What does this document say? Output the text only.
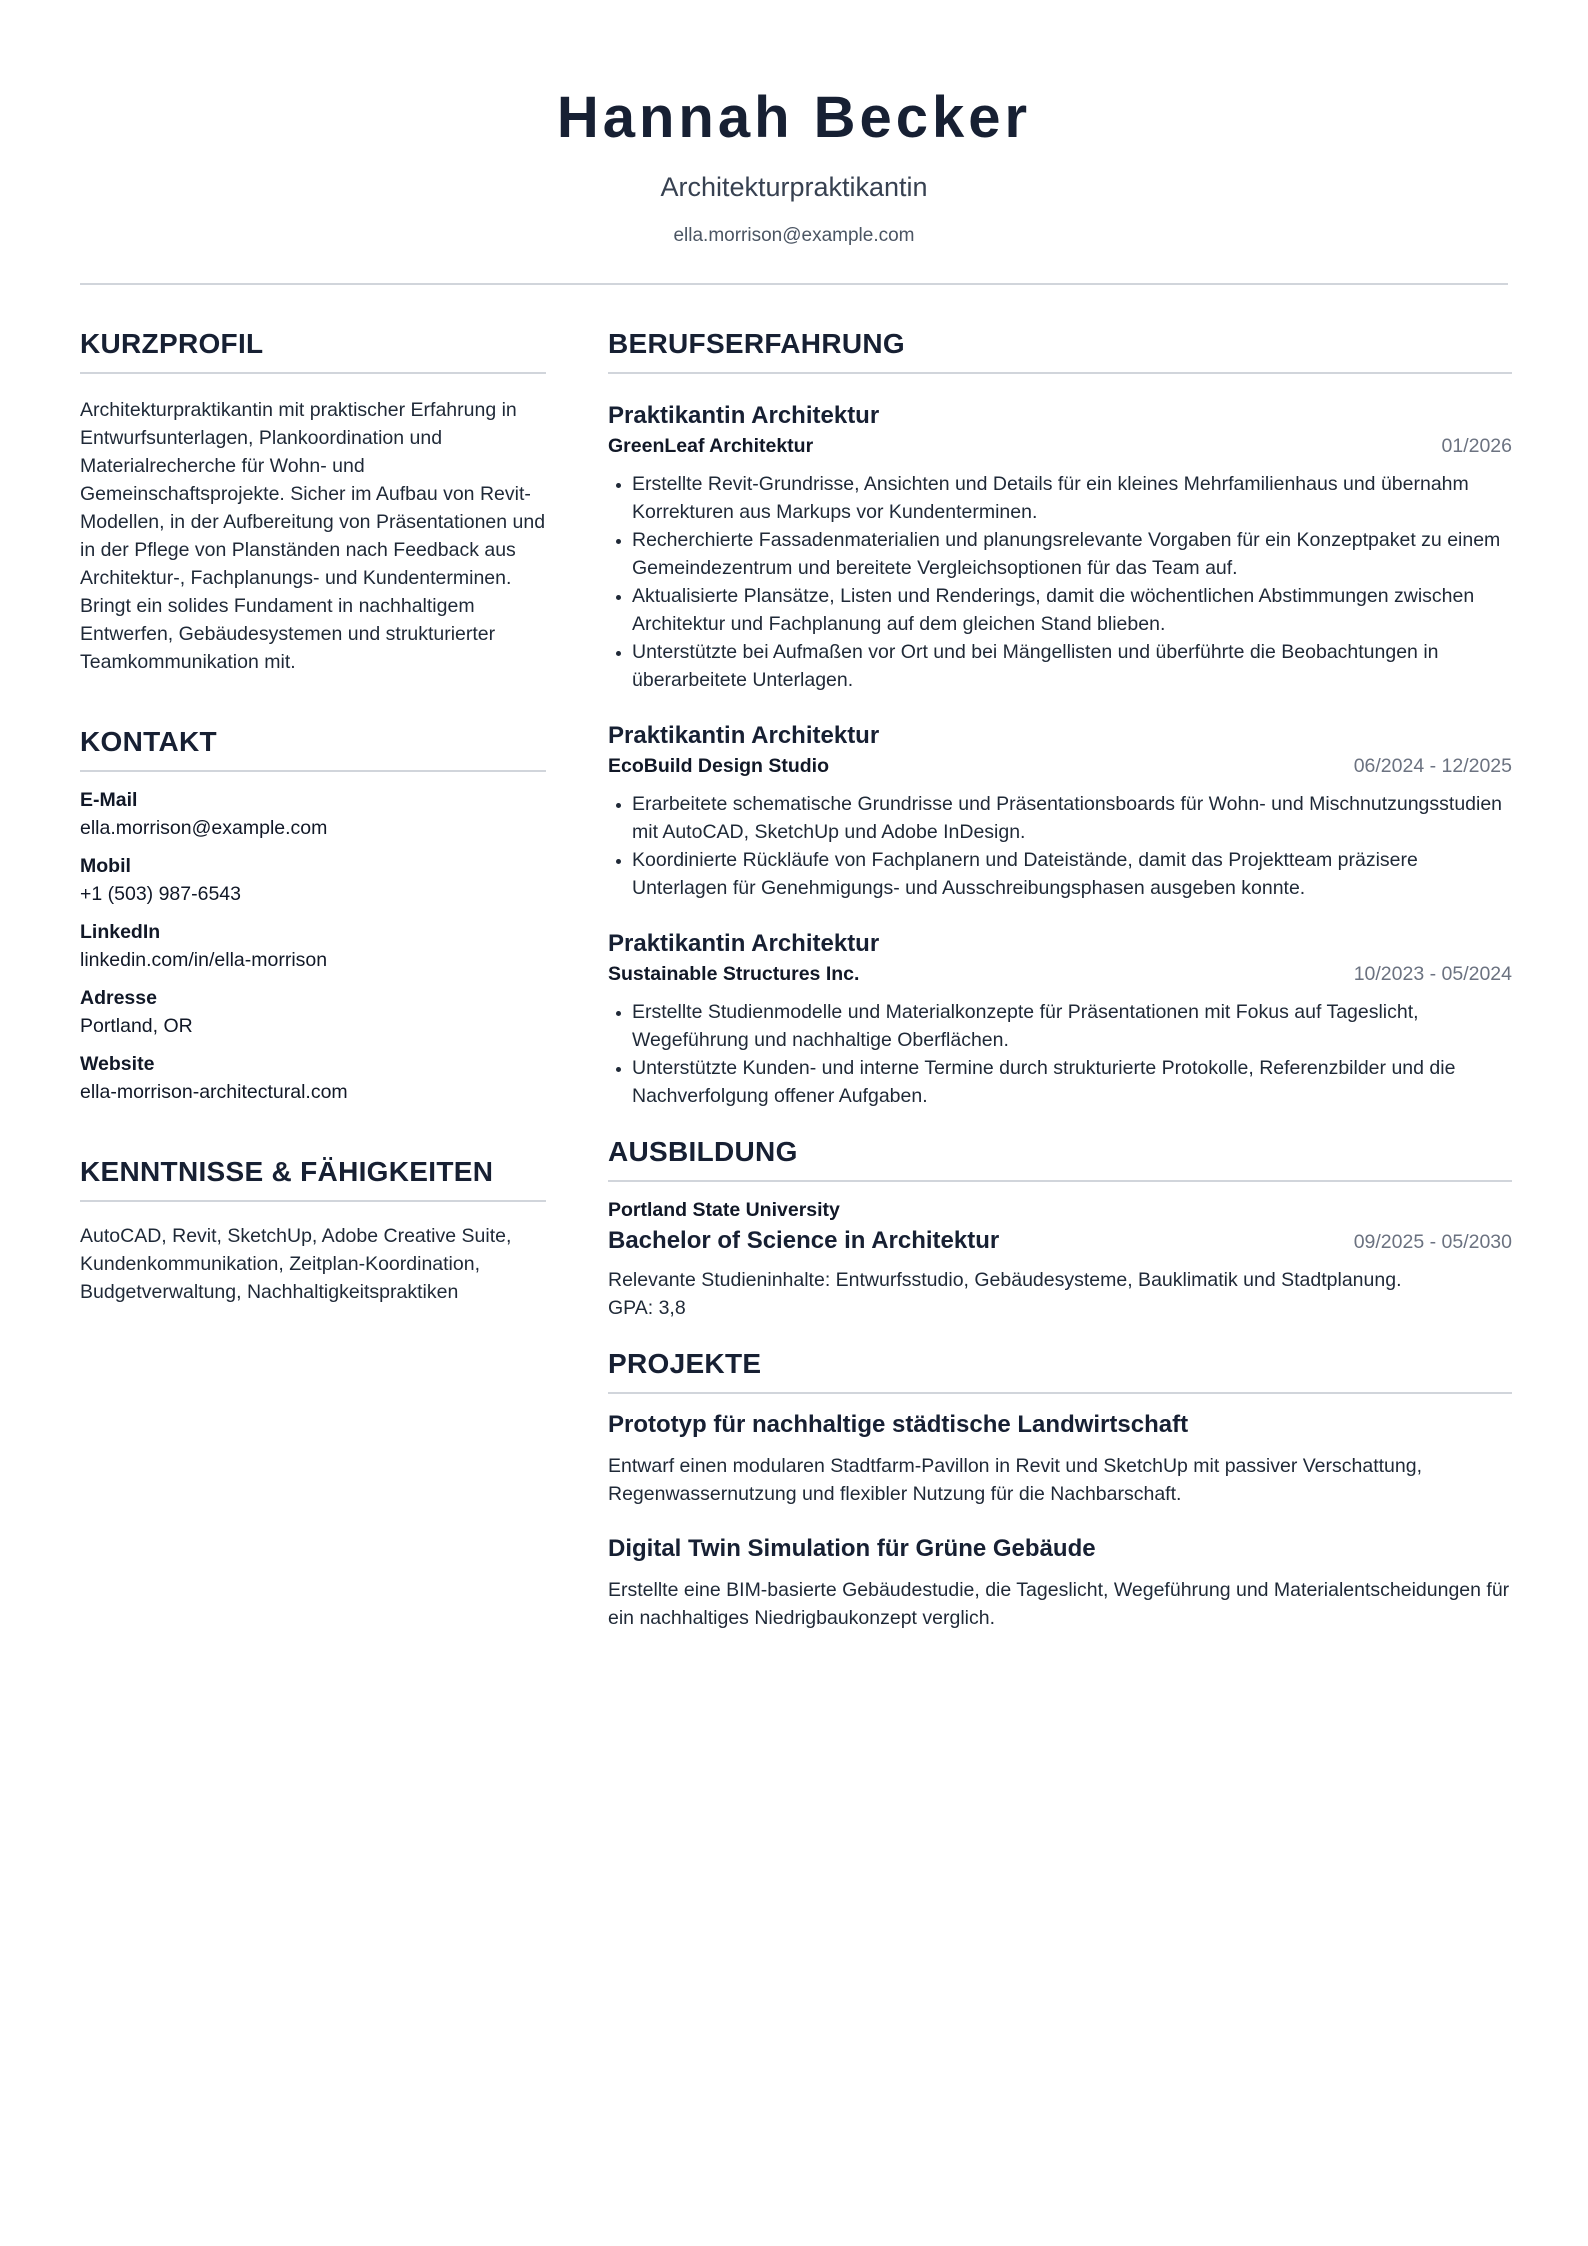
Hannah Becker
Architekturpraktikantin
ella.morrison@example.com
KURZPROFIL
Architekturpraktikantin mit praktischer Erfahrung in Entwurfsunterlagen, Plankoordination und Materialrecherche für Wohn- und Gemeinschaftsprojekte. Sicher im Aufbau von Revit-Modellen, in der Aufbereitung von Präsentationen und in der Pflege von Planständen nach Feedback aus Architektur-, Fachplanungs- und Kundenterminen. Bringt ein solides Fundament in nachhaltigem Entwerfen, Gebäudesystemen und strukturierter Teamkommunikation mit.
KONTAKT
E-Mail
ella.morrison@example.com
Mobil
+1 (503) 987-6543
LinkedIn
linkedin.com/in/ella-morrison
Adresse
Portland, OR
Website
ella-morrison-architectural.com
KENNTNISSE & FÄHIGKEITEN
AutoCAD, Revit, SketchUp, Adobe Creative Suite, Kundenkommunikation, Zeitplan-Koordination, Budgetverwaltung, Nachhaltigkeitspraktiken
BERUFSERFAHRUNG
Praktikantin Architektur
GreenLeaf Architektur	01/2026
Erstellte Revit-Grundrisse, Ansichten und Details für ein kleines Mehrfamilienhaus und übernahm Korrekturen aus Markups vor Kundenterminen.
Recherchierte Fassadenmaterialien und planungsrelevante Vorgaben für ein Konzeptpaket zu einem Gemeindezentrum und bereitete Vergleichsoptionen für das Team auf.
Aktualisierte Plansätze, Listen und Renderings, damit die wöchentlichen Abstimmungen zwischen Architektur und Fachplanung auf dem gleichen Stand blieben.
Unterstützte bei Aufmaßen vor Ort und bei Mängellisten und überführte die Beobachtungen in überarbeitete Unterlagen.
Praktikantin Architektur
EcoBuild Design Studio	06/2024 - 12/2025
Erarbeitete schematische Grundrisse und Präsentationsboards für Wohn- und Mischnutzungsstudien mit AutoCAD, SketchUp und Adobe InDesign.
Koordinierte Rückläufe von Fachplanern und Dateistände, damit das Projektteam präzisere Unterlagen für Genehmigungs- und Ausschreibungsphasen ausgeben konnte.
Praktikantin Architektur
Sustainable Structures Inc.	10/2023 - 05/2024
Erstellte Studienmodelle und Materialkonzepte für Präsentationen mit Fokus auf Tageslicht, Wegeführung und nachhaltige Oberflächen.
Unterstützte Kunden- und interne Termine durch strukturierte Protokolle, Referenzbilder und die Nachverfolgung offener Aufgaben.
AUSBILDUNG
Portland State University
Bachelor of Science in Architektur	09/2025 - 05/2030
Relevante Studieninhalte: Entwurfsstudio, Gebäudesysteme, Bauklimatik und Stadtplanung.
GPA: 3,8
PROJEKTE
Prototyp für nachhaltige städtische Landwirtschaft
Entwarf einen modularen Stadtfarm-Pavillon in Revit und SketchUp mit passiver Verschattung, Regenwassernutzung und flexibler Nutzung für die Nachbarschaft.
Digital Twin Simulation für Grüne Gebäude
Erstellte eine BIM-basierte Gebäudestudie, die Tageslicht, Wegeführung und Materialentscheidungen für ein nachhaltiges Niedrigbaukonzept verglich.
